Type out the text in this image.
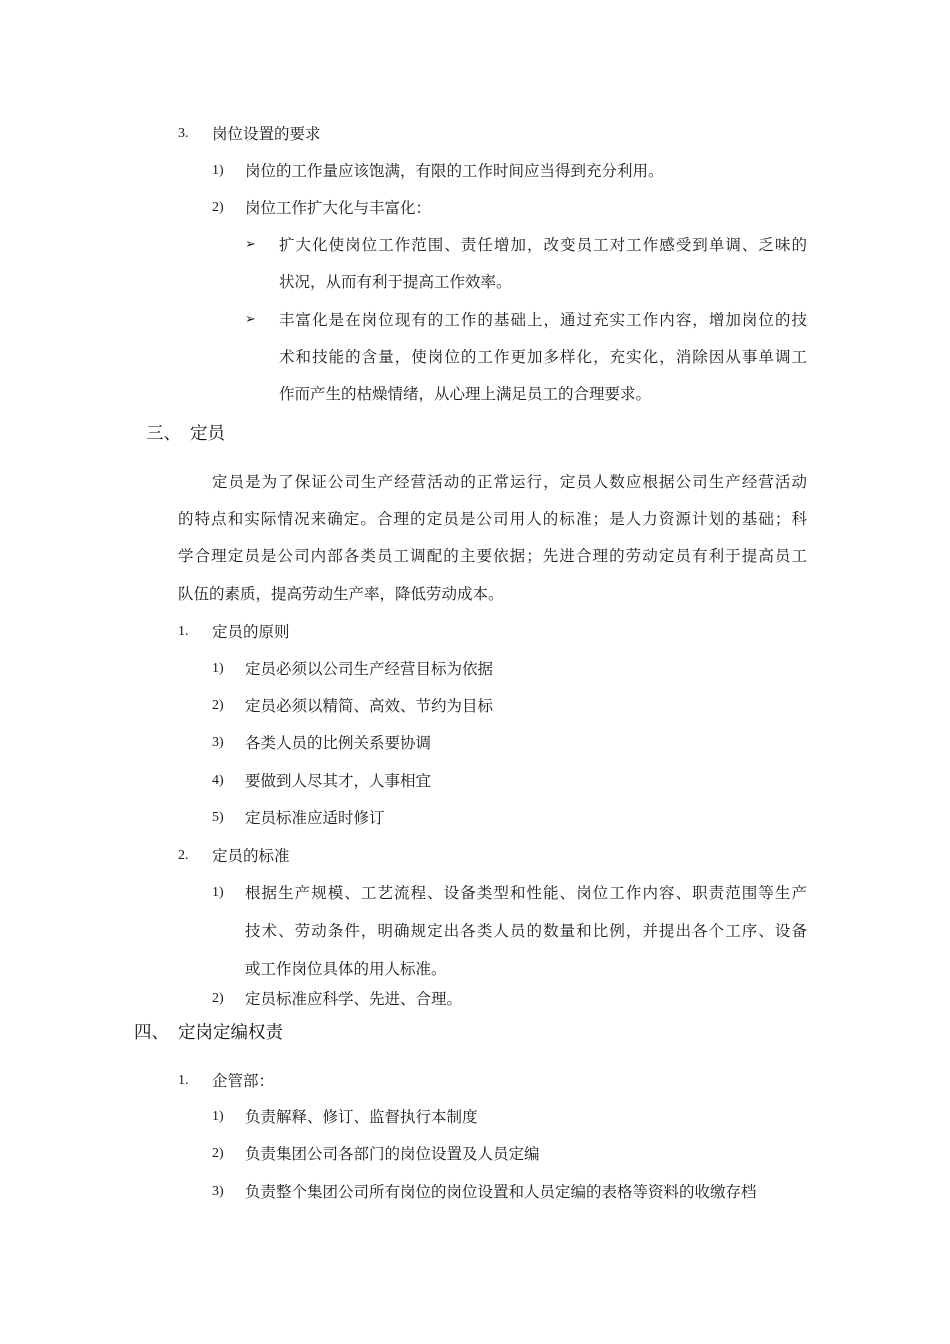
3. 岗位设置的要求
1) 岗位的工作量应该饱满，有限的工作时间应当得到充分利用。
2) 岗位工作扩大化与丰富化：
➢ 扩大化使岗位工作范围、责任增加，改变员工对工作感受到单调、乏味的
状况，从而有利于提高工作效率。
➢ 丰富化是在岗位现有的工作的基础上，通过充实工作内容，增加岗位的技
术和技能的含量，使岗位的工作更加多样化，充实化，消除因从事单调工
作而产生的枯燥情绪，从心理上满足员工的合理要求。
三、 定员
定员是为了保证公司生产经营活动的正常运行，定员人数应根据公司生产经营活动
的特点和实际情况来确定。合理的定员是公司用人的标准；是人力资源计划的基础；科
学合理定员是公司内部各类员工调配的主要依据；先进合理的劳动定员有利于提高员工
队伍的素质，提高劳动生产率，降低劳动成本。
1. 定员的原则
1) 定员必须以公司生产经营目标为依据
2) 定员必须以精简、高效、节约为目标
3) 各类人员的比例关系要协调
4) 要做到人尽其才，人事相宜
5) 定员标准应适时修订
2. 定员的标准
1) 根据生产规模、工艺流程、设备类型和性能、岗位工作内容、职责范围等生产
技术、劳动条件，明确规定出各类人员的数量和比例，并提出各个工序、设备
或工作岗位具体的用人标准。
2) 定员标准应科学、先进、合理。
四、 定岗定编权责
1. 企管部：
1) 负责解释、修订、监督执行本制度
2) 负责集团公司各部门的岗位设置及人员定编
3) 负责整个集团公司所有岗位的岗位设置和人员定编的表格等资料的收缴存档
